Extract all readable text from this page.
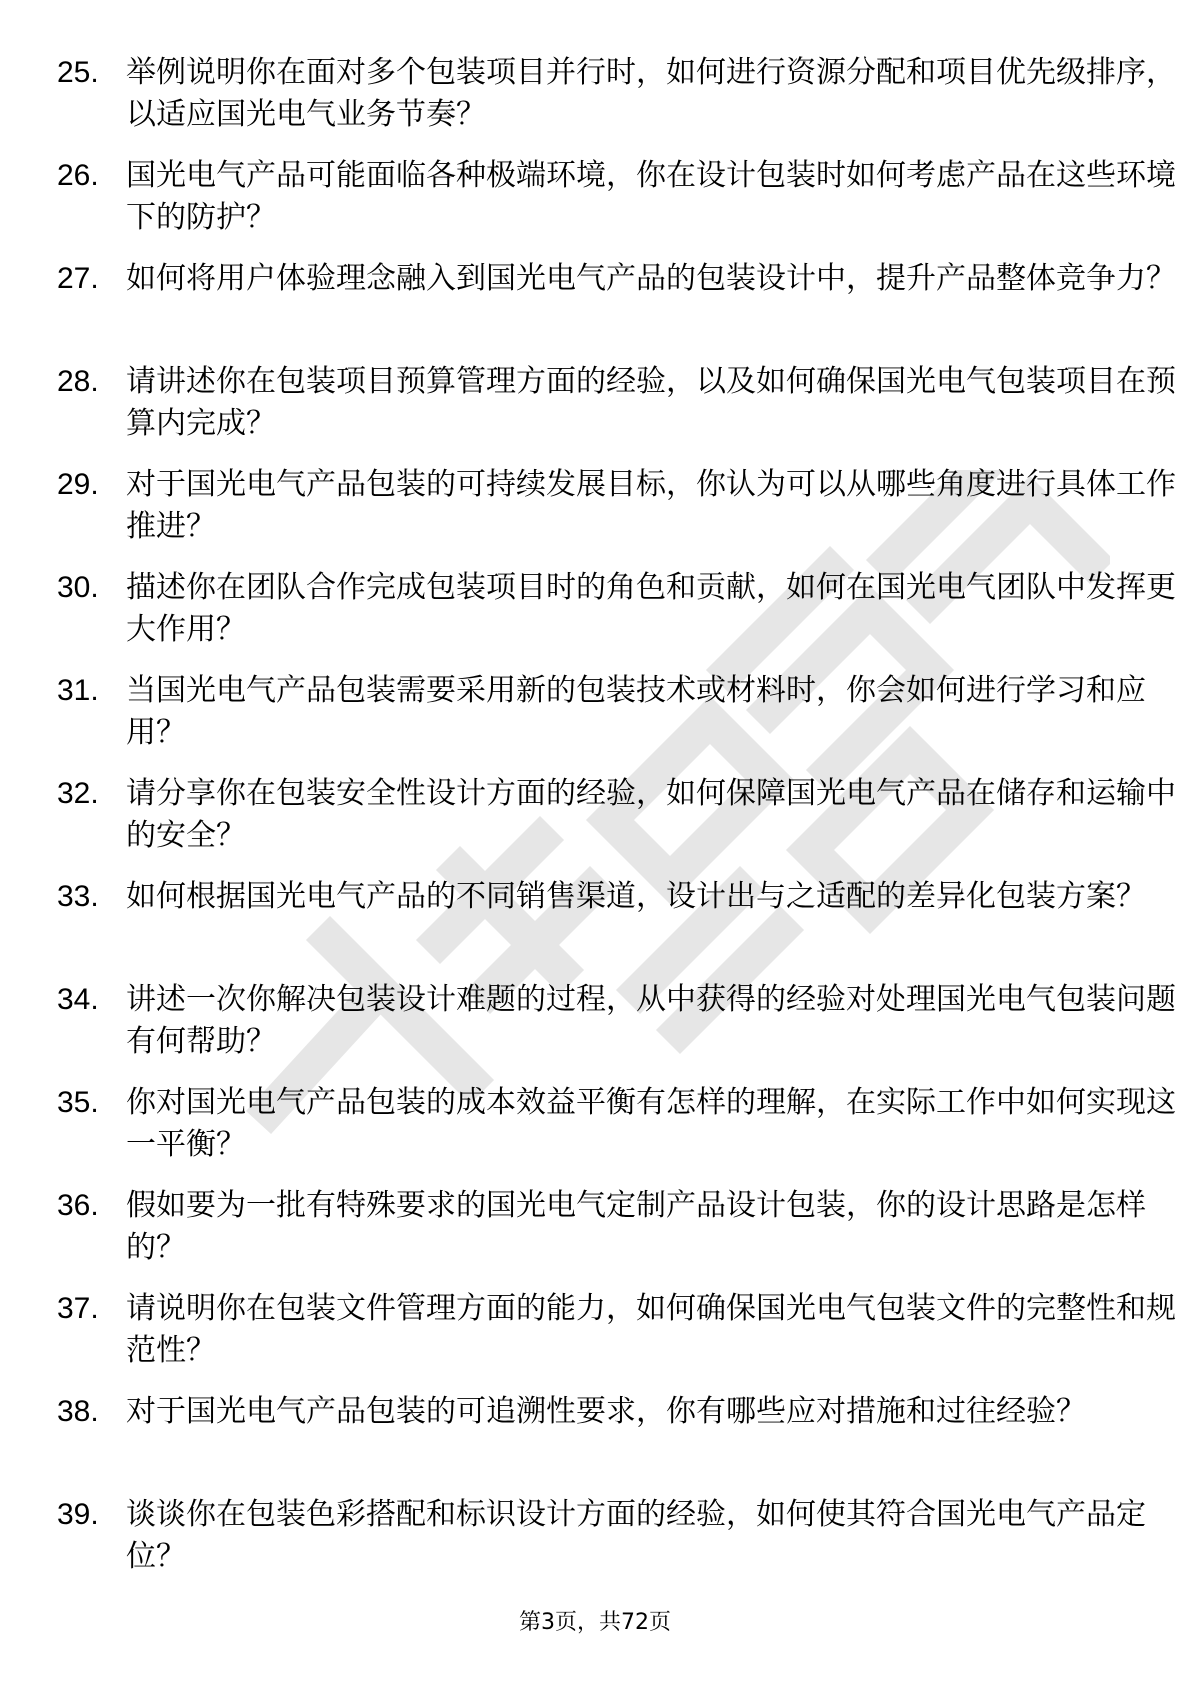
25. 举例说明你在面对多个包装项目并行时，如何进行资源分配和项目优先级排序，以适应国光电气业务节奏？

26. 国光电气产品可能面临各种极端环境，你在设计包装时如何考虑产品在这些环境下的防护？

27. 如何将用户体验理念融入到国光电气产品的包装设计中，提升产品整体竞争力？

28. 请讲述你在包装项目预算管理方面的经验，以及如何确保国光电气包装项目在预算内完成？

29. 对于国光电气产品包装的可持续发展目标，你认为可以从哪些角度进行具体工作推进？

30. 描述你在团队合作完成包装项目时的角色和贡献，如何在国光电气团队中发挥更大作用？

31. 当国光电气产品包装需要采用新的包装技术或材料时，你会如何进行学习和应用？

32. 请分享你在包装安全性设计方面的经验，如何保障国光电气产品在储存和运输中的安全？

33. 如何根据国光电气产品的不同销售渠道，设计出与之适配的差异化包装方案？

34. 讲述一次你解决包装设计难题的过程，从中获得的经验对处理国光电气包装问题有何帮助？

35. 你对国光电气产品包装的成本效益平衡有怎样的理解，在实际工作中如何实现这一平衡？

36. 假如要为一批有特殊要求的国光电气定制产品设计包装，你的设计思路是怎样的？

37. 请说明你在包装文件管理方面的能力，如何确保国光电气包装文件的完整性和规范性？

38. 对于国光电气产品包装的可追溯性要求，你有哪些应对措施和过往经验？

39. 谈谈你在包装色彩搭配和标识设计方面的经验，如何使其符合国光电气产品定位？

第3页，共72页
